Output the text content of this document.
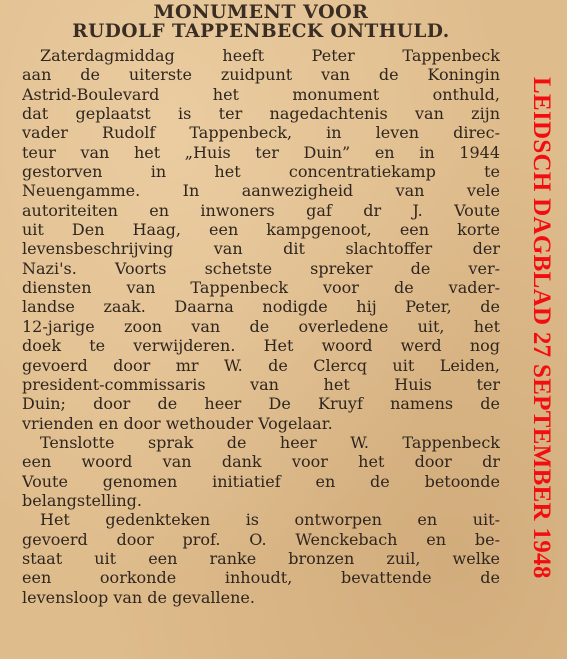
MONUMENT VOOR
RUDOLF TAPPENBECK ONTHULD.
Zaterdagmiddag heeft Peter Tappenbeck
aan de uiterste zuidpunt van de Koningin
Astrid-Boulevard het monument onthuld,
dat geplaatst is ter nagedachtenis van zijn
vader Rudolf Tappenbeck, in leven direc-
teur van het „Huis ter Duin” en in 1944
gestorven in het concentratiekamp te
Neuengamme. In aanwezigheid van vele
autoriteiten en inwoners gaf dr J. Voute
uit Den Haag, een kampgenoot, een korte
levensbeschrijving van dit slachtoffer der
Nazi's. Voorts schetste spreker de ver-
diensten van Tappenbeck voor de vader-
landse zaak. Daarna nodigde hij Peter, de
12-jarige zoon van de overledene uit, het
doek te verwijderen. Het woord werd nog
gevoerd door mr W. de Clercq uit Leiden,
president-commissaris van het Huis ter
Duin; door de heer De Kruyf namens de
vrienden en door wethouder Vogelaar.
Tenslotte sprak de heer W. Tappenbeck
een woord van dank voor het door dr
Voute genomen initiatief en de betoonde
belangstelling.
Het gedenkteken is ontworpen en uit-
gevoerd door prof. O. Wenckebach en be-
staat uit een ranke bronzen zuil, welke
een oorkonde inhoudt, bevattende de
levensloop van de gevallene.
LEIDSCH DAGBLAD 27 SEPTEMBER 1948
